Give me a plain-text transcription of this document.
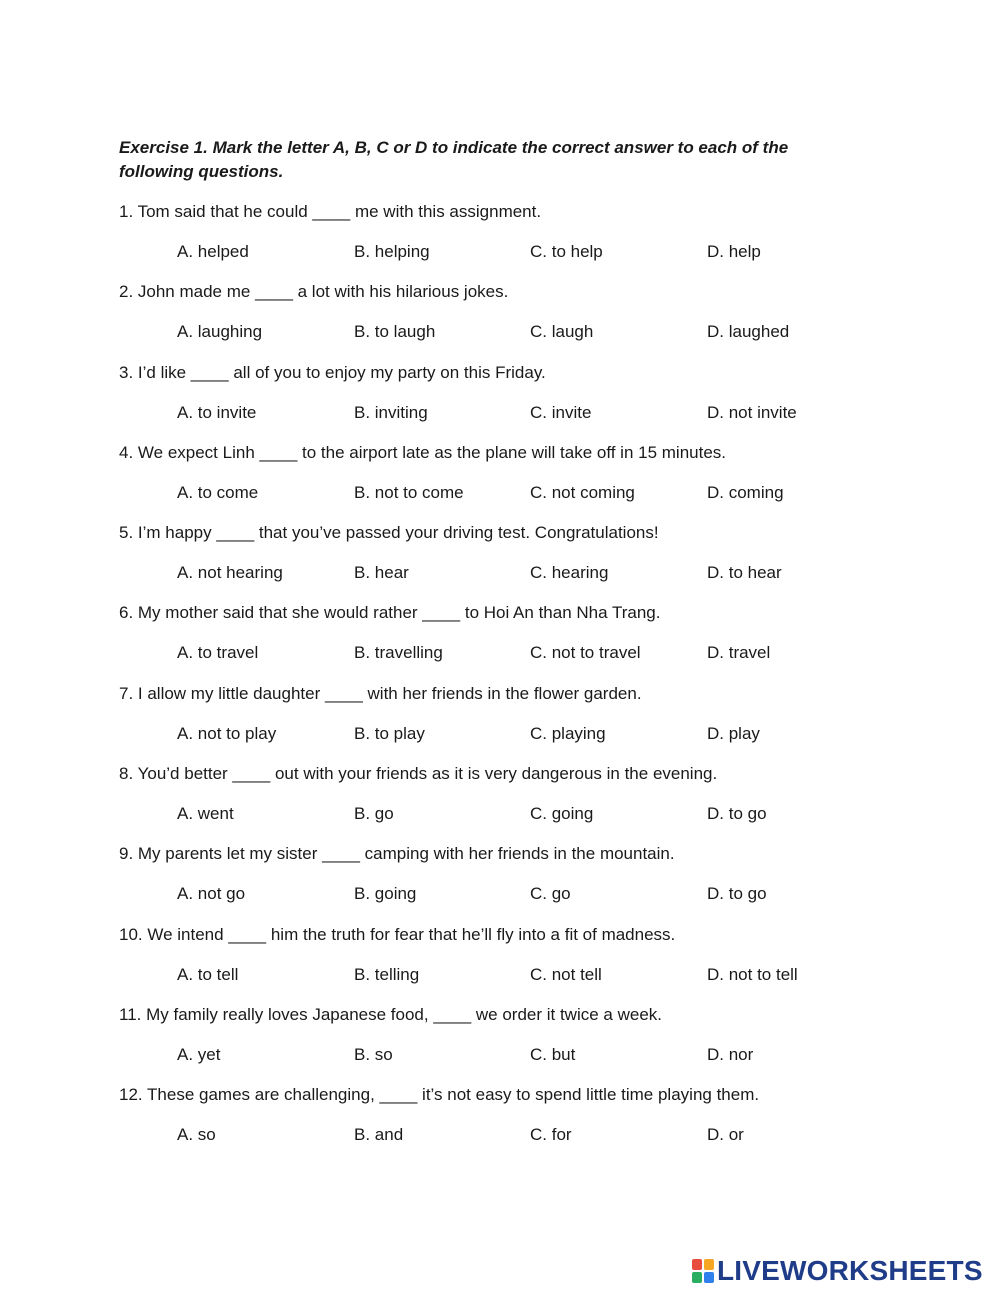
Exercise 1. Mark the letter A, B, C or D to indicate the correct answer to each of the following questions.
1. Tom said that he could ____ me with this assignment.
A. helped	B. helping	C. to help	D. help
2. John made me ____ a lot with his hilarious jokes.
A. laughing	B. to laugh	C. laugh	D. laughed
3. I’d like ____ all of you to enjoy my party on this Friday.
A. to invite	B. inviting	C. invite	D. not invite
4. We expect Linh ____ to the airport late as the plane will take off in 15 minutes.
A. to come	B. not to come	C. not coming	D. coming
5. I’m happy ____ that you’ve passed your driving test. Congratulations!
A. not hearing	B. hear	C. hearing	D. to hear
6. My mother said that she would rather ____ to Hoi An than Nha Trang.
A. to travel	B. travelling	C. not to travel	D. travel
7. I allow my little daughter ____ with her friends in the flower garden.
A. not to play	B. to play	C. playing	D. play
8. You’d better ____ out with your friends as it is very dangerous in the evening.
A. went	B. go	C. going	D. to go
9. My parents let my sister ____ camping with her friends in the mountain.
A. not go	B. going	C. go	D. to go
10. We intend ____ him the truth for fear that he’ll fly into a fit of madness.
A. to tell	B. telling	C. not tell	D. not to tell
11. My family really loves Japanese food, ____ we order it twice a week.
A. yet	B. so	C. but	D. nor
12. These games are challenging, ____ it’s not easy to spend little time playing them.
A. so	B. and	C. for	D. or
LIVEWORKSHEETS
